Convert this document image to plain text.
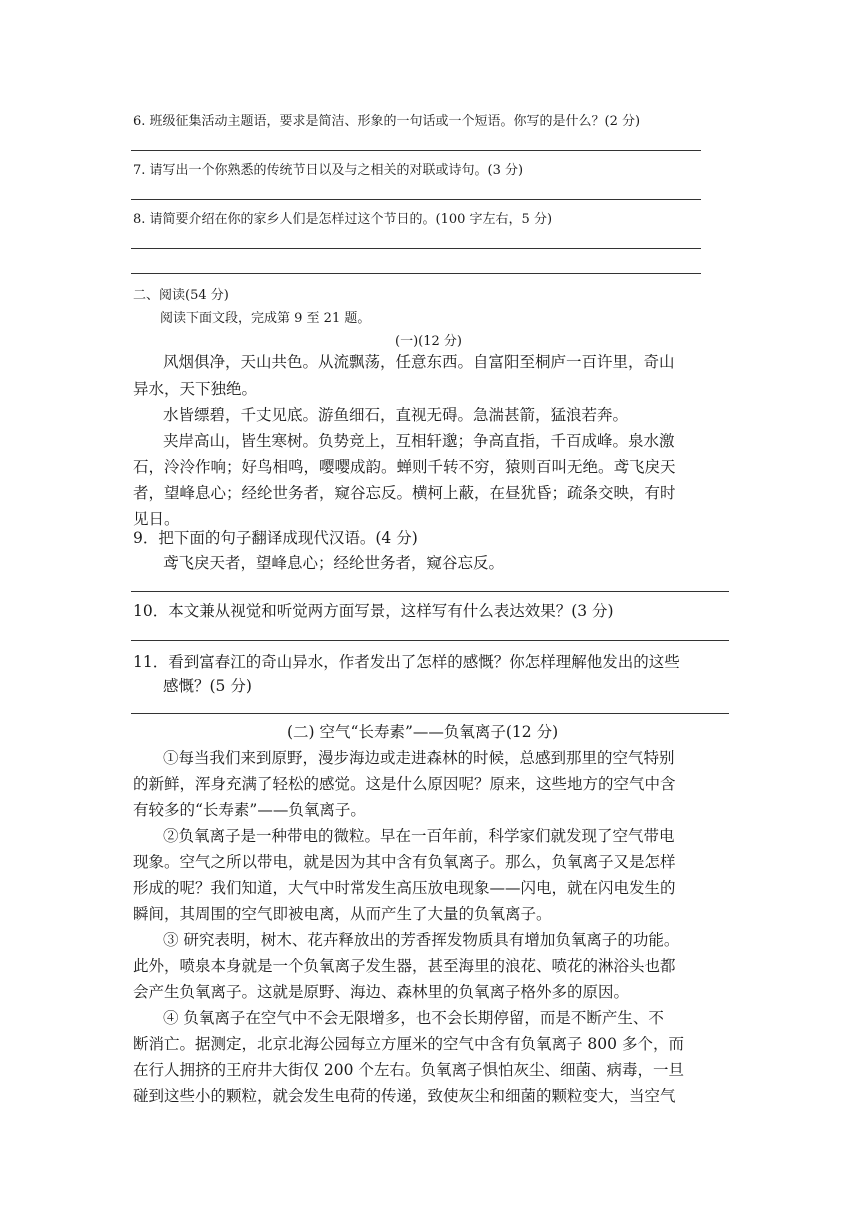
6. 班级征集活动主题语，要求是简洁、形象的一句话或一个短语。你写的是什么？(2 分)
7. 请写出一个你熟悉的传统节日以及与之相关的对联或诗句。(3 分)
8. 请简要介绍在你的家乡人们是怎样过这个节日的。(100 字左右，5 分)
二、阅读(54 分)
阅读下面文段，完成第 9 至 21 题。
(一)(12 分)
风烟俱净，天山共色。从流飘荡，任意东西。自富阳至桐庐一百许里，奇山
异水，天下独绝。
水皆缥碧，千丈见底。游鱼细石，直视无碍。急湍甚箭，猛浪若奔。
夹岸高山，皆生寒树。负势竞上，互相轩邈；争高直指，千百成峰。泉水激
石，泠泠作响；好鸟相鸣，嘤嘤成韵。蝉则千转不穷，猿则百叫无绝。鸢飞戾天
者，望峰息心；经纶世务者，窥谷忘反。横柯上蔽，在昼犹昏；疏条交映，有时
见日。
9．把下面的句子翻译成现代汉语。(4 分)
鸢飞戾天者，望峰息心；经纶世务者，窥谷忘反。
10．本文兼从视觉和听觉两方面写景，这样写有什么表达效果？(3 分)
11．看到富春江的奇山异水，作者发出了怎样的感慨？你怎样理解他发出的这些
感慨？(5 分)
(二) 空气“长寿素”——负氧离子(12 分)
①每当我们来到原野，漫步海边或走进森林的时候，总感到那里的空气特别
的新鲜，浑身充满了轻松的感觉。这是什么原因呢？原来，这些地方的空气中含
有较多的“长寿素”——负氧离子。
②负氧离子是一种带电的微粒。早在一百年前，科学家们就发现了空气带电
现象。空气之所以带电，就是因为其中含有负氧离子。那么，负氧离子又是怎样
形成的呢？我们知道，大气中时常发生高压放电现象——闪电，就在闪电发生的
瞬间，其周围的空气即被电离，从而产生了大量的负氧离子。
③ 研究表明，树木、花卉释放出的芳香挥发物质具有增加负氧离子的功能。
此外，喷泉本身就是一个负氧离子发生器，甚至海里的浪花、喷花的淋浴头也都
会产生负氧离子。这就是原野、海边、森林里的负氧离子格外多的原因。
④ 负氧离子在空气中不会无限增多，也不会长期停留，而是不断产生、不
断消亡。据测定，北京北海公园每立方厘米的空气中含有负氧离子 800 多个，而
在行人拥挤的王府井大街仅 200 个左右。负氧离子惧怕灰尘、细菌、病毒，一旦
碰到这些小的颗粒，就会发生电荷的传递，致使灰尘和细菌的颗粒变大，当空气
